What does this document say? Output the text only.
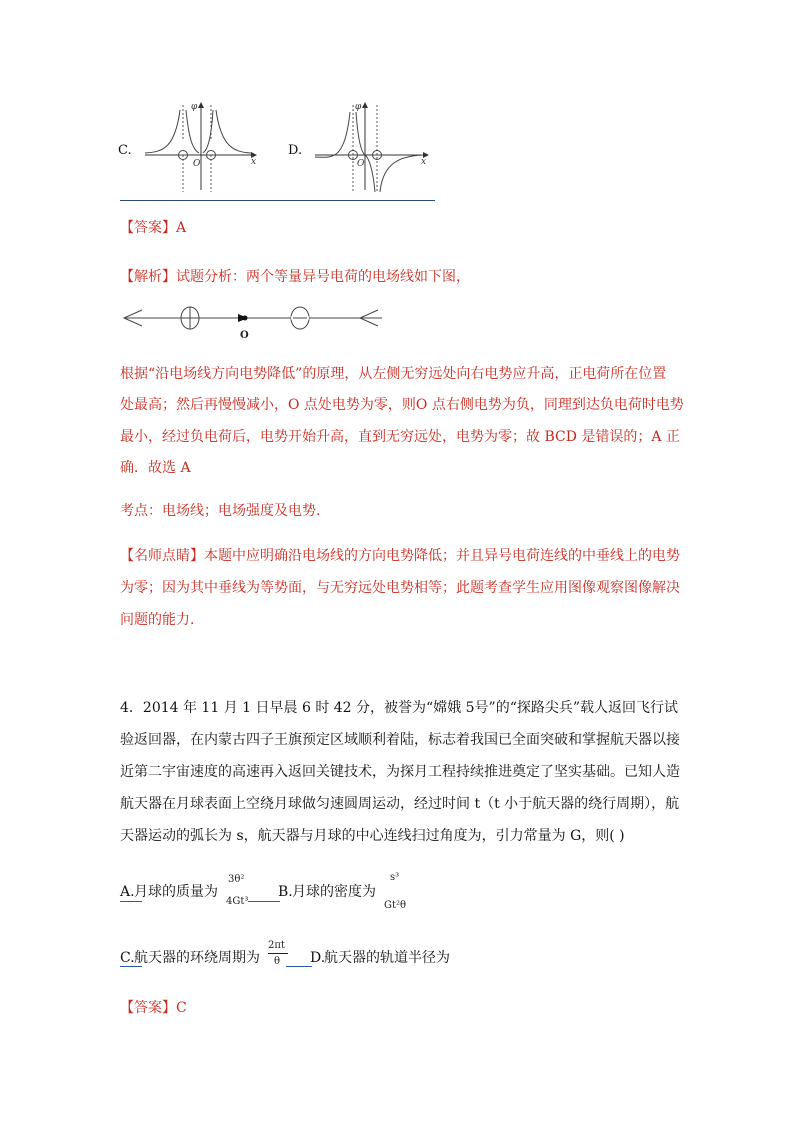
C.
φ
x
O
D.
φ
x
O
【答案】A
【解析】试题分析：两个等量异号电荷的电场线如下图，
O
根据“沿电场线方向电势降低”的原理，从左侧无穷远处向右电势应升高，正电荷所在位置
处最高；然后再慢慢减小，O 点处电势为零，则O 点右侧电势为负，同理到达负电荷时电势
最小，经过负电荷后，电势开始升高，直到无穷远处，电势为零；故 BCD 是错误的；A 正
确．故选 A
考点：电场线；电场强度及电势.
【名师点睛】本题中应明确沿电场线的方向电势降低；并且异号电荷连线的中垂线上的电势
为零；因为其中垂线为等势面，与无穷远处电势相等；此题考查学生应用图像观察图像解决
问题的能力.
4．2014 年 11 月 1 日早晨 6 时 42 分，被誉为“嫦娥 5号”的“探路尖兵”载人返回飞行试
验返回器，在内蒙古四子王旗预定区域顺利着陆，标志着我国已全面突破和掌握航天器以接
近第二宇宙速度的高速再入返回关键技术，为探月工程持续推进奠定了坚实基础。已知人造
航天器在月球表面上空绕月球做匀速圆周运动，经过时间 t（t 小于航天器的绕行周期），航
天器运动的弧长为 s，航天器与月球的中心连线扫过角度为，引力常量为 G，则( )
A. 月球的质量为
3θ²
4Gt³
B. 月球的密度为
s³
Gt²θ
C. 航天器的环绕周期为
2πt
θ D.
航天器的轨道半径为
【答案】C
